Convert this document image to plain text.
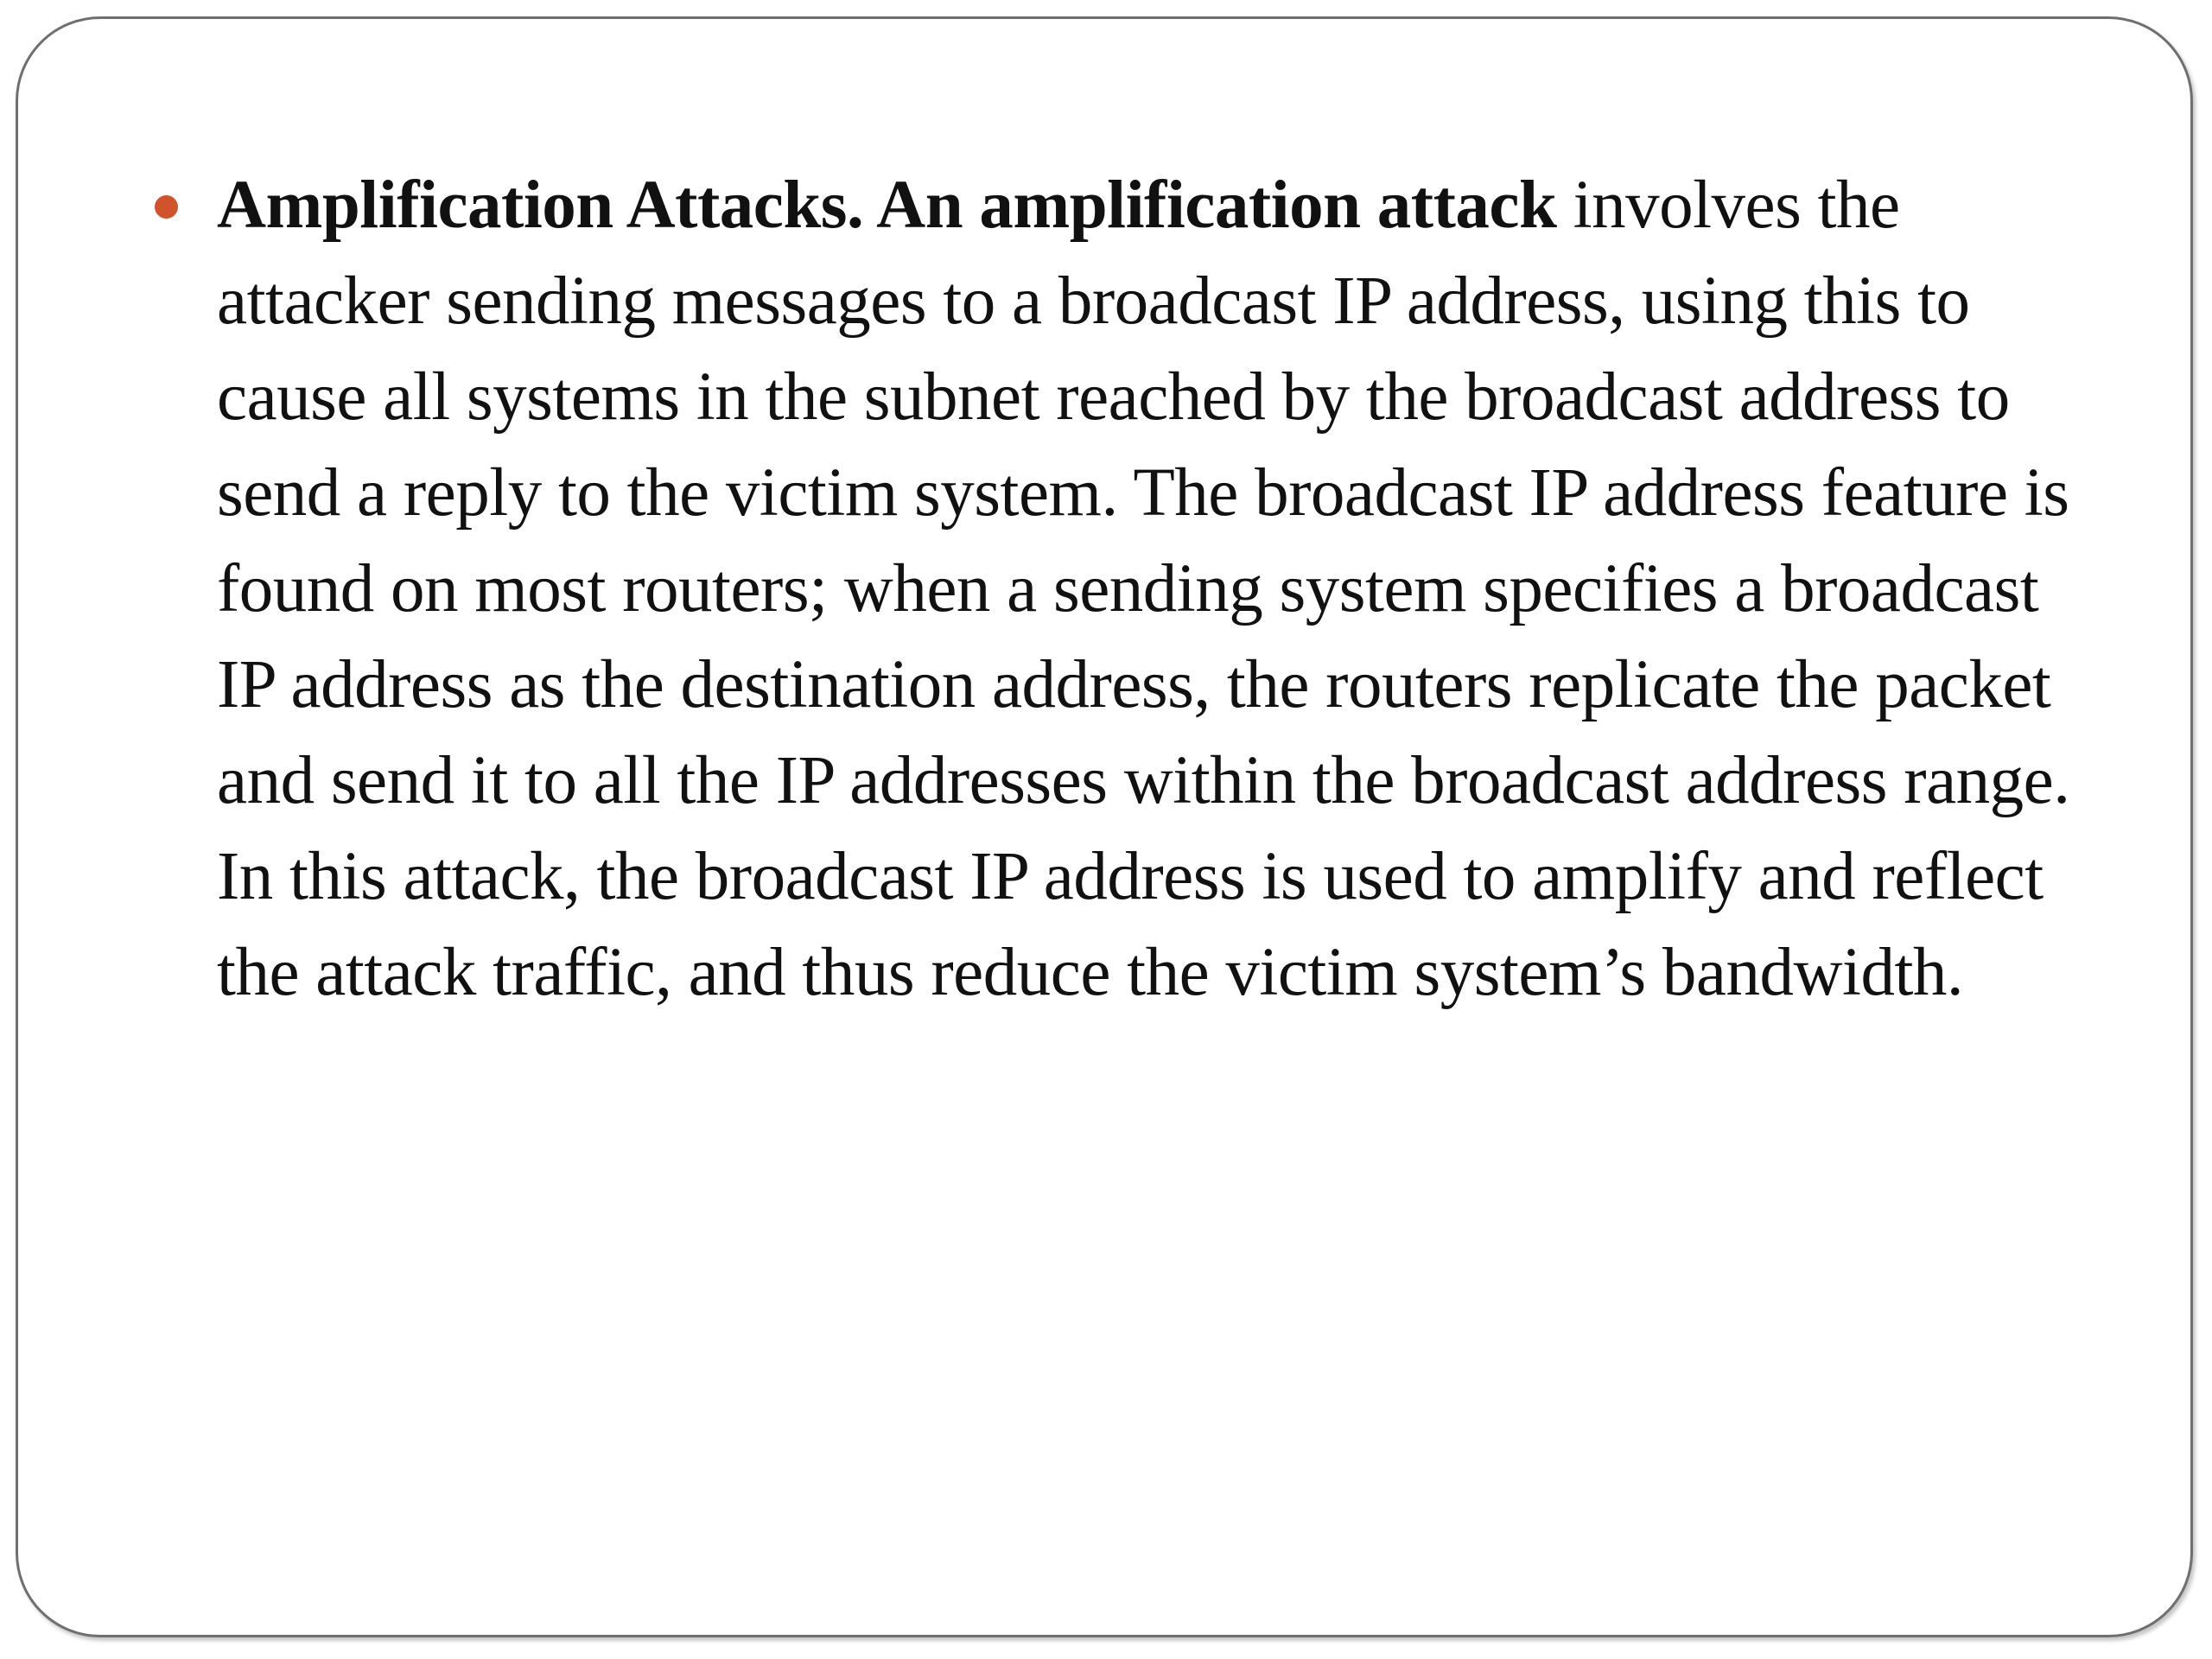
Amplification Attacks. An amplification attack involves the attacker sending messages to a broadcast IP address, using this to cause all systems in the subnet reached by the broadcast address to send a reply to the victim system. The broadcast IP address feature is found on most routers; when a sending system specifies a broadcast IP address as the destination address, the routers replicate the packet and send it to all the IP addresses within the broadcast address range. In this attack, the broadcast IP address is used to amplify and reflect the attack traffic, and thus reduce the victim system’s bandwidth.
